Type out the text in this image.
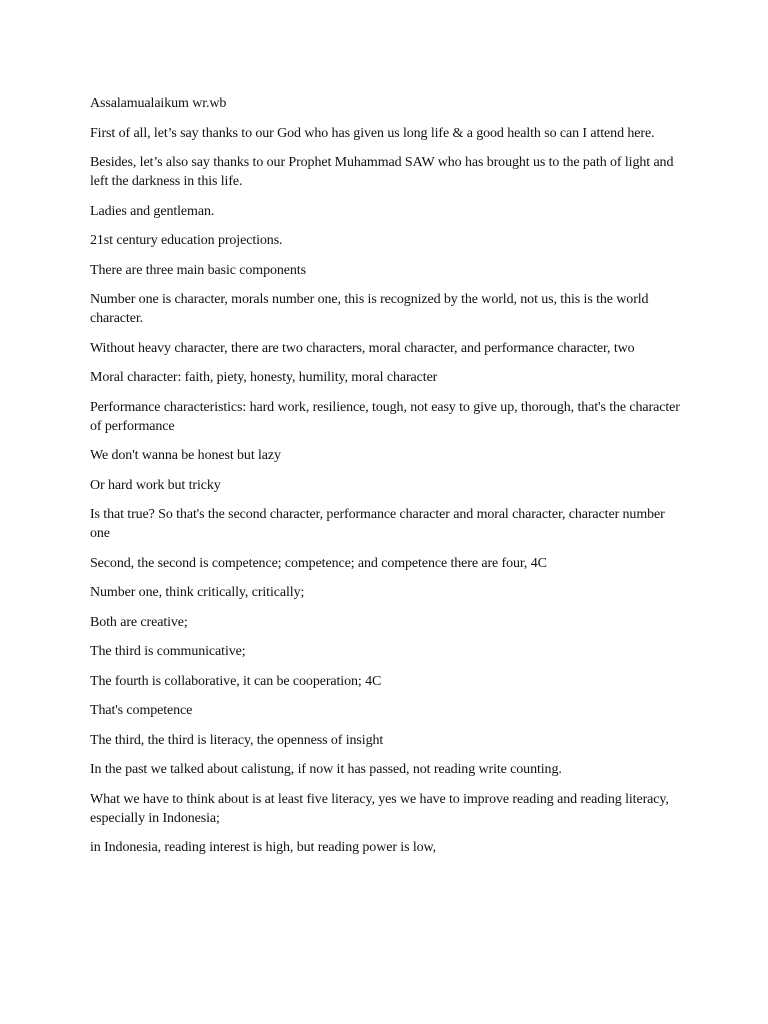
Assalamualaikum wr.wb

First of all, let’s say thanks to our God who has given us long life & a good health so can I attend here.

Besides, let’s also say thanks to our Prophet Muhammad SAW who has brought us to the path of light and left the darkness in this life.

Ladies and gentleman.

21st century education projections.

There are three main basic components

Number one is character, morals number one, this is recognized by the world, not us, this is the world character.

Without heavy character, there are two characters, moral character, and performance character, two

Moral character: faith, piety, honesty, humility, moral character

Performance characteristics: hard work, resilience, tough, not easy to give up, thorough, that's the character of performance

We don't wanna be honest but lazy

Or hard work but tricky

Is that true? So that's the second character, performance character and moral character, character number one

Second, the second is competence; competence; and competence there are four, 4C

Number one, think critically, critically;

Both are creative;

The third is communicative;

The fourth is collaborative, it can be cooperation; 4C

That's competence

The third, the third is literacy, the openness of insight

In the past we talked about calistung, if now it has passed, not reading write counting.

What we have to think about is at least five literacy, yes we have to improve reading and reading literacy, especially in Indonesia;

in Indonesia, reading interest is high, but reading power is low,
